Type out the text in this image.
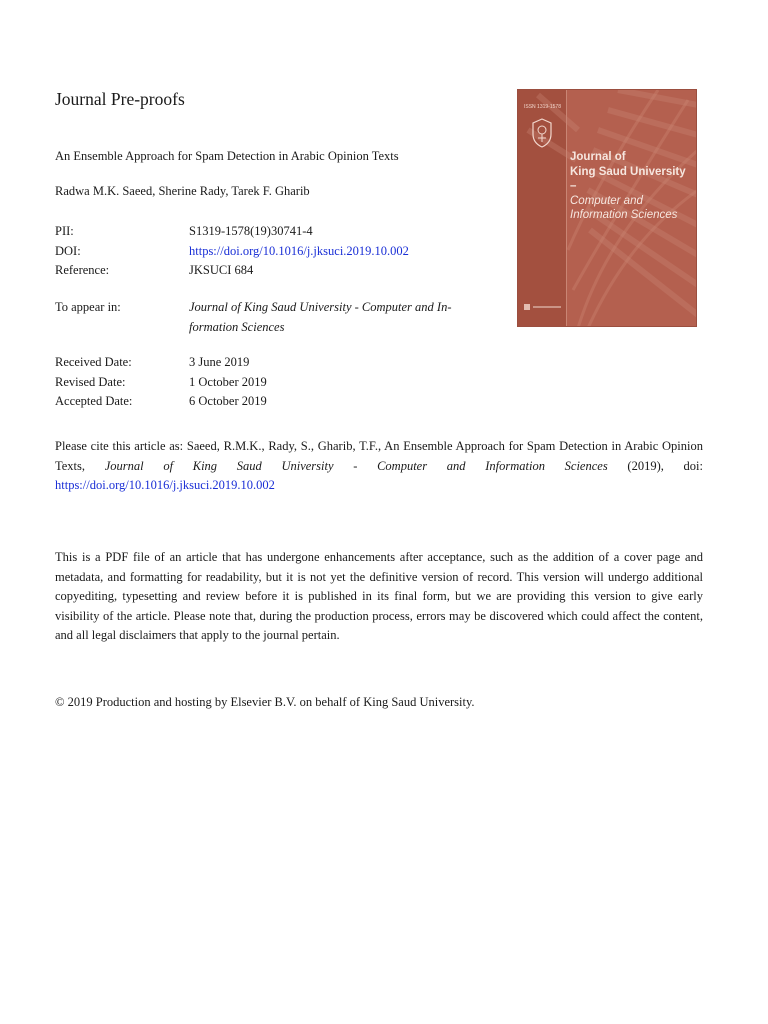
Journal Pre-proofs
An Ensemble Approach for Spam Detection in Arabic Opinion Texts
Radwa M.K. Saeed, Sherine Rady, Tarek F. Gharib
PII:	S1319-1578(19)30741-4
DOI:	https://doi.org/10.1016/j.jksuci.2019.10.002
Reference:	JKSUCI 684
To appear in:	Journal of King Saud University - Computer and In-
formation Sciences
Received Date:	3 June 2019
Revised Date:	1 October 2019
Accepted Date:	6 October 2019
Please cite this article as: Saeed, R.M.K., Rady, S., Gharib, T.F., An Ensemble Approach for Spam Detection in Arabic Opinion Texts, Journal of King Saud University - Computer and Information Sciences (2019), doi: https://doi.org/10.1016/j.jksuci.2019.10.002
This is a PDF file of an article that has undergone enhancements after acceptance, such as the addition of a cover page and metadata, and formatting for readability, but it is not yet the definitive version of record. This version will undergo additional copyediting, typesetting and review before it is published in its final form, but we are providing this version to give early visibility of the article. Please note that, during the production process, errors may be discovered which could affect the content, and all legal disclaimers that apply to the journal pertain.
© 2019 Production and hosting by Elsevier B.V. on behalf of King Saud University.
ISSN 1319-1578
Journal of
King Saud University –
Computer and
Information Sciences
